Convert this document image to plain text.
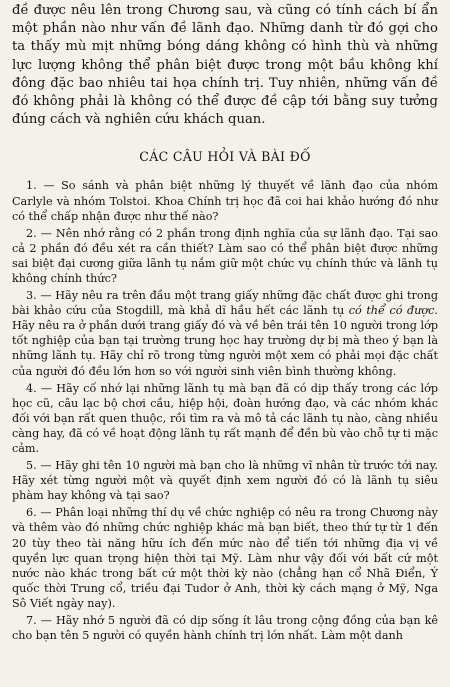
đề được nêu lên trong Chương sau, và cũng có tính cách bí ẩn một phần nào như vấn đề lãnh đạo. Những danh từ đó gợi cho ta thấy mù mịt những bóng dáng không có hình thù và những lực lượng không thể phân biệt được trong một bầu không khí đông đặc bao nhiêu tai họa chính trị. Tuy nhiên, những vấn đề đó không phải là không có thể được đề cập tới bằng suy tưởng đúng cách và nghiên cứu khách quan.

CÁC CÂU HỎI VÀ BÀI ĐỐ

1. — So sánh và phân biệt những lý thuyết về lãnh đạo của nhóm Carlyle và nhóm Tolstoi. Khoa Chính trị học đã coi hai khảo hướng đó như có thể chấp nhận được như thế nào?

2. — Nên nhớ rằng có 2 phần trong định nghĩa của sự lãnh đạo. Tại sao cả 2 phần đó đều xét ra cần thiết? Làm sao có thể phân biệt được những sai biệt đại cương giữa lãnh tụ nắm giữ một chức vụ chính thức và lãnh tụ không chính thức?

3. — Hãy nêu ra trên đầu một trang giấy những đặc chất được ghi trong bài khảo cứu của Stogdill, mà khả dĩ hầu hết các lãnh tụ có thể có được. Hãy nêu ra ở phần dưới trang giấy đó và về bên trái tên 10 người trong lớp tốt nghiệp của bạn tại trường trung học hay trường dự bị mà theo ý bạn là những lãnh tụ. Hãy chỉ rõ trong từng người một xem có phải mọi đặc chất của người đó đều lớn hơn so với người sinh viên bình thường không.

4. — Hãy cố nhớ lại những lãnh tụ mà bạn đã có dịp thấy trong các lớp học cũ, câu lạc bộ chơi cầu, hiệp hội, đoàn hướng đạo, và các nhóm khác đối với bạn rất quen thuộc, rồi tìm ra và mô tả các lãnh tụ nào, càng nhiều càng hay, đã có về hoạt động lãnh tụ rất mạnh để đền bù vào chỗ tự ti mặc cảm.

5. — Hãy ghi tên 10 người mà bạn cho là những vĩ nhân từ trước tới nay. Hãy xét từng người một và quyết định xem người đó có là lãnh tụ siêu phàm hay không và tại sao?

6. — Phân loại những thí dụ về chức nghiệp có nêu ra trong Chương này và thêm vào đó những chức nghiệp khác mà bạn biết, theo thứ tự từ 1 đến 20 tùy theo tài năng hữu ích đến mức nào để tiến tới những địa vị về quyền lực quan trọng hiện thời tại Mỹ. Làm như vậy đối với bất cứ một nước nào khác trong bất cứ một thời kỳ nào (chẳng hạn cổ Nhã Điển, Ý quốc thời Trung cổ, triều đại Tudor ở Anh, thời kỳ cách mạng ở Mỹ, Nga Sô Viết ngày nay).

7. — Hãy nhớ 5 người đã có dịp sống ít lâu trong cộng đồng của bạn kê cho bạn tên 5 người có quyền hành chính trị lớn nhất. Làm một danh
